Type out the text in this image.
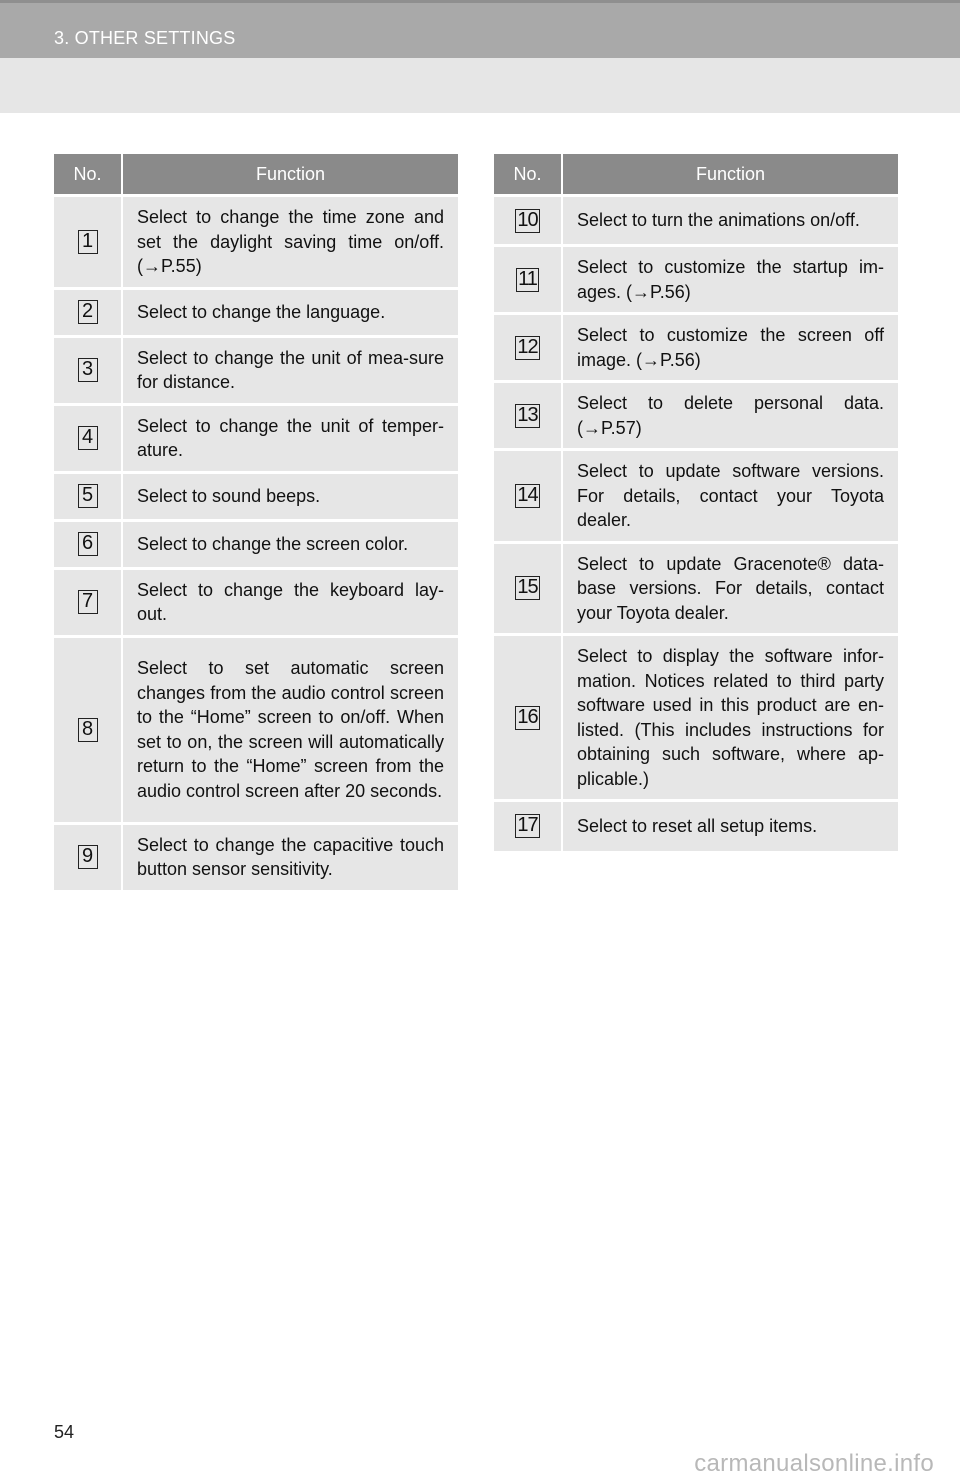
3. OTHER SETTINGS
No.	Function
1	Select to change the time zone and set the daylight saving time on/off. (→P.55)
2	Select to change the language.
3	Select to change the unit of mea-sure for distance.
4	Select to change the unit of temper-ature.
5	Select to sound beeps.
6	Select to change the screen color.
7	Select to change the keyboard lay-out.
8	Select to set automatic screen changes from the audio control screen to the “Home” screen to on/off. When set to on, the screen will automatically return to the “Home” screen from the audio control screen after 20 seconds.
9	Select to change the capacitive touch button sensor sensitivity.
No.	Function
10	Select to turn the animations on/off.
11	Select to customize the startup im-ages. (→P.56)
12	Select to customize the screen off image. (→P.56)
13	Select to delete personal data. (→P.57)
14	Select to update software versions. For details, contact your Toyota dealer.
15	Select to update Gracenote® data-base versions. For details, contact your Toyota dealer.
16	Select to display the software infor-mation. Notices related to third party software used in this product are en-listed. (This includes instructions for obtaining such software, where ap-plicable.)
17	Select to reset all setup items.
54
carmanualsonline.info
